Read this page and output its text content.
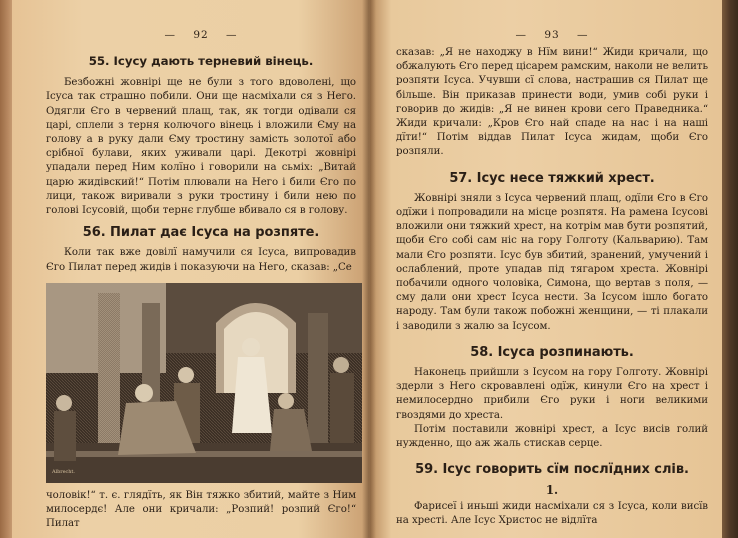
—    92    —
55. Ісусу дають терневий вінець.

Безбожні жовнірі ще не були з того вдоволені, що Ісуса так страшно побили. Они ще насміхали ся з Него. Одягли Єго в червений плащ, так, як тогди одівали ся царі, сплели з терня колючого вінець і вложили Єму на голову а в руку дали Єму тростину замість золотої або срібної булави, яких уживали царі. Декотрі жовнірі упадали перед Ним колїно і говорили на сьміх: „Витай царю жидівский!“ Потім плювали на Него і били Єго по лици, також виривали з руки тростину і били нею по голові Ісусовій, щоби тернє глубше вбивало ся в голову.

56. Пилат дає Ісуса на розпяте.

Коли так вже довілї намучили ся Ісуса, випровадив Єго Пилат перед жидів і показуючи на Него, сказав: „Се

Albrecht.

чоловік!“ т. є. глядїть, як Він тяжко збитий, майте з Ним милосердє! Але они кричали: „Розпий! розпий Єго!“ Пилат

—    93    —

сказав: „Я не находжу в Нїм вини!“ Жиди кричали, що обжалують Єго перед цісарем рамским, наколи не велить розпяти Ісуса. Учувши сї слова, настрашив ся Пилат ще більше. Він приказав принести води, умив собі руки і говорив до жидів: „Я не винен крови сего Праведника.“ Жиди кричали: „Кров Єго най спаде на нас і на наші дїти!“ Потім віддав Пилат Ісуса жидам, щоби Єго розпяли.

57. Ісус несе тяжкий хрест.

Жовнірі зняли з Ісуса червений плащ, одїли Єго в Єго одїжи і попровадили на місце розпятя. На рамена Ісусові вложили они тяжкий хрест, на котрім мав бути розпятий, щоби Єго собі сам ніс на гору Голготу (Кальварию). Там мали Єго розпяти. Ісус був збитий, зранений, умучений і ослаблений, проте упадав під тягаром хреста. Жовнірі побачили одного чоловіка, Симона, що вертав з поля, — сму дали они хрест Ісуса нести. За Ісусом ішло богато народу. Там були також побожні женщини, — ті плакали і заводили з жалю за Ісусом.

58. Ісуса розпинають.

Наконець прийшли з Ісусом на гору Голготу. Жовнірі здерли з Него скровавлені одїж, кинули Єго на хрест і немилосердно прибили Єго руки і ноги великими гвоздями до хреста.

Потім поставили жовнірі хрест, а Ісус висів голий нужденно, що аж жаль стискав серце.

59. Ісус говорить сїм послїдних слів.
1.

Фарисеї і иньші жиди насміхали ся з Ісуса, коли висїв на хресті. Але Ісус Христос не відлїта
